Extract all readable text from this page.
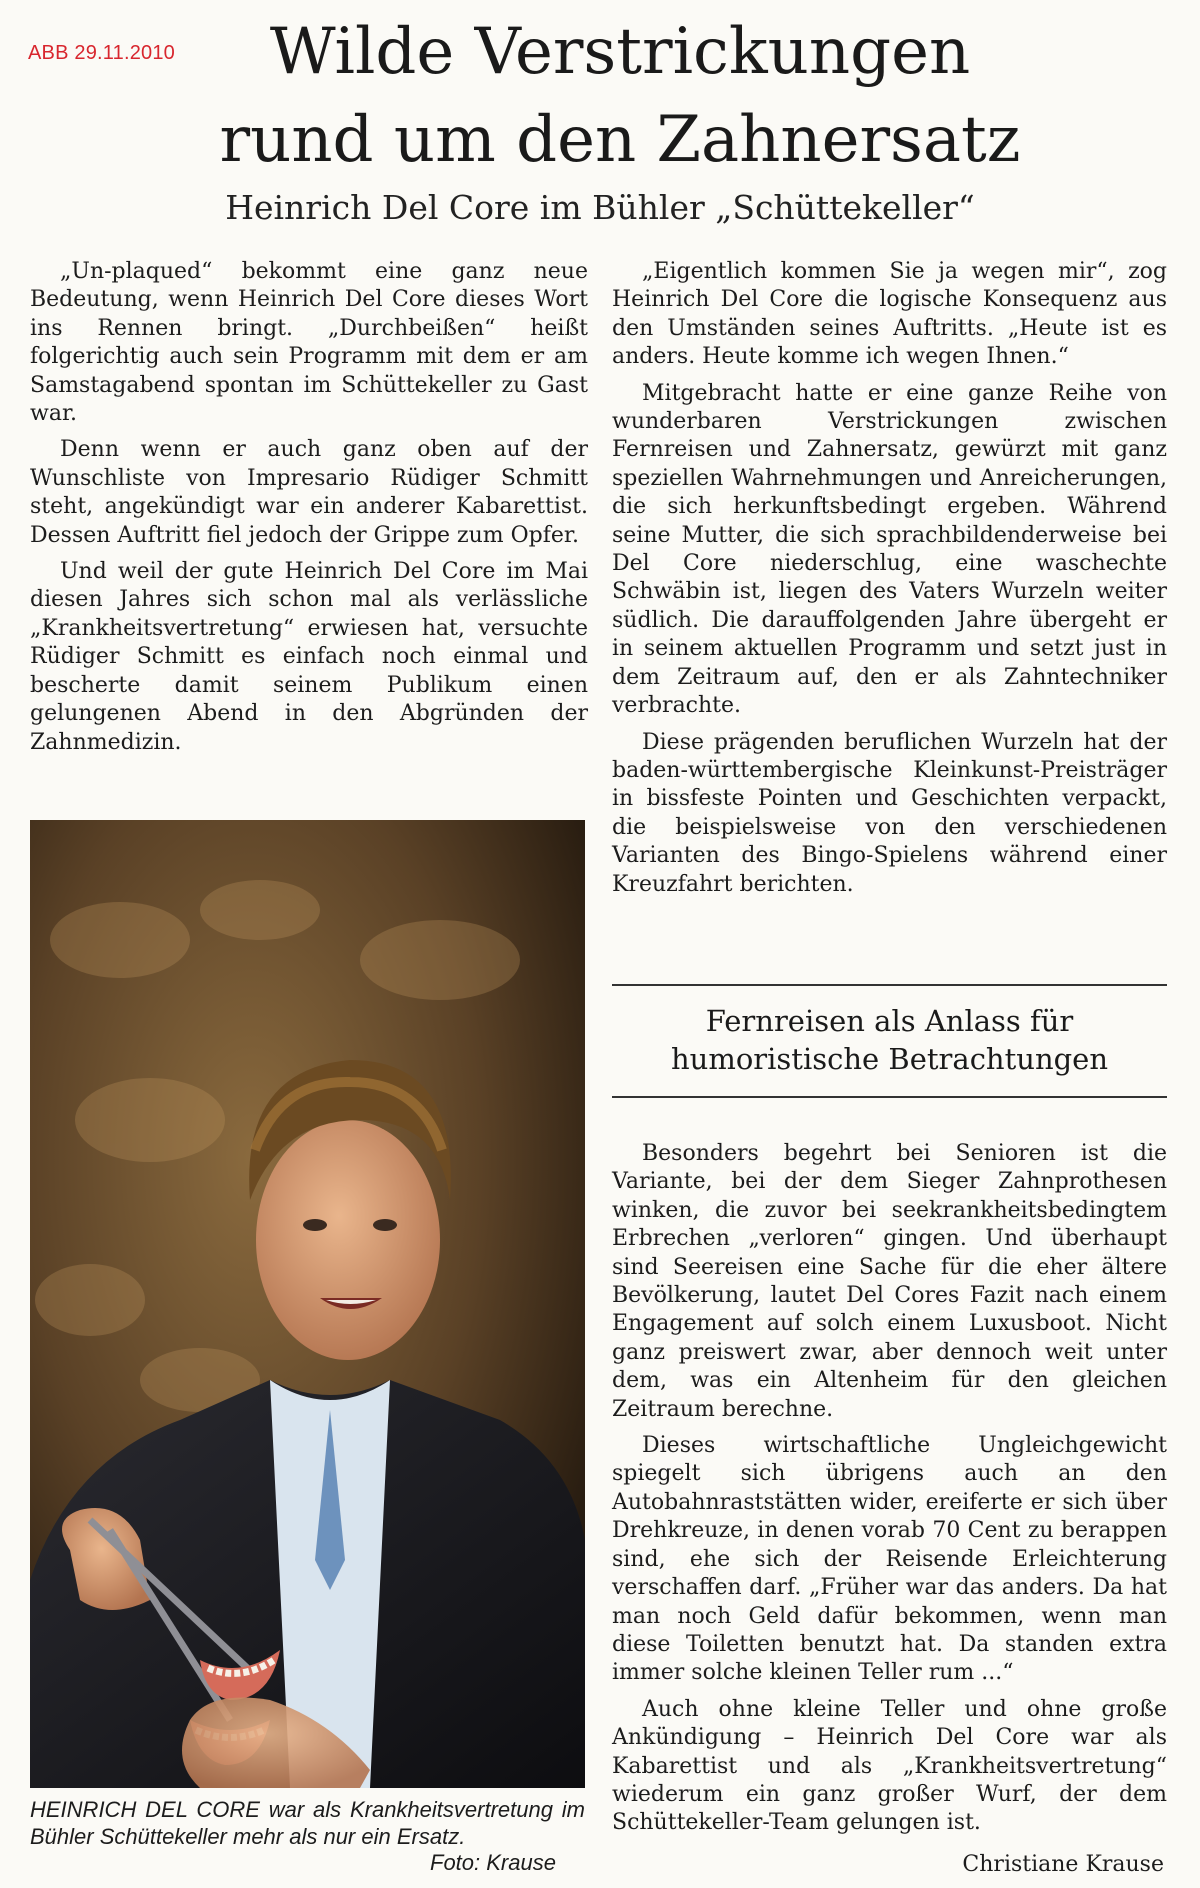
ABB 29.11.2010	Wilde Verstrickungen
rund um den Zahnersatz
Heinrich Del Core im Bühler „Schüttekeller“

„Un-plaqued“ bekommt eine ganz neue Bedeutung, wenn Heinrich Del Core dieses Wort ins Rennen bringt. „Durchbeißen“ heißt folgerichtig auch sein Programm mit dem er am Samstagabend spontan im Schüttekeller zu Gast war.

Denn wenn er auch ganz oben auf der Wunschliste von Impresario Rüdiger Schmitt steht, angekündigt war ein anderer Kabarettist. Dessen Auftritt fiel jedoch der Grippe zum Opfer.

Und weil der gute Heinrich Del Core im Mai diesen Jahres sich schon mal als verlässliche „Krankheitsvertretung“ erwiesen hat, versuchte Rüdiger Schmitt es einfach noch einmal und bescherte damit seinem Publikum einen gelungenen Abend in den Abgründen der Zahnmedizin.

„Eigentlich kommen Sie ja wegen mir“, zog Heinrich Del Core die logische Konsequenz aus den Umständen seines Auftritts. „Heute ist es anders. Heute komme ich wegen Ihnen.“

Mitgebracht hatte er eine ganze Reihe von wunderbaren Verstrickungen zwischen Fernreisen und Zahnersatz, gewürzt mit ganz speziellen Wahrnehmungen und Anreicherungen, die sich herkunftsbedingt ergeben. Während seine Mutter, die sich sprachbildenderweise bei Del Core niederschlug, eine waschechte Schwäbin ist, liegen des Vaters Wurzeln weiter südlich. Die darauffolgenden Jahre übergeht er in seinem aktuellen Programm und setzt just in dem Zeitraum auf, den er als Zahntechniker verbrachte.

Diese prägenden beruflichen Wurzeln hat der baden-württembergische Kleinkunst-Preisträger in bissfeste Pointen und Geschichten verpackt, die beispielsweise von den verschiedenen Varianten des Bingo-Spielens während einer Kreuzfahrt berichten.

Fernreisen als Anlass für
humoristische Betrachtungen

Besonders begehrt bei Senioren ist die Variante, bei der dem Sieger Zahnprothesen winken, die zuvor bei seekrankheitsbedingtem Erbrechen „verloren“ gingen. Und überhaupt sind Seereisen eine Sache für die eher ältere Bevölkerung, lautet Del Cores Fazit nach einem Engagement auf solch einem Luxusboot. Nicht ganz preiswert zwar, aber dennoch weit unter dem, was ein Altenheim für den gleichen Zeitraum berechne.

Dieses wirtschaftliche Ungleichgewicht spiegelt sich übrigens auch an den Autobahnraststätten wider, ereiferte er sich über Drehkreuze, in denen vorab 70 Cent zu berappen sind, ehe sich der Reisende Erleichterung verschaffen darf. „Früher war das anders. Da hat man noch Geld dafür bekommen, wenn man diese Toiletten benutzt hat. Da standen extra immer solche kleinen Teller rum ...“

Auch ohne kleine Teller und ohne große Ankündigung – Heinrich Del Core war als Kabarettist und als „Krankheitsvertretung“ wiederum ein ganz großer Wurf, der dem Schüttekeller-Team gelungen ist.

Christiane Krause

HEINRICH DEL CORE war als Krankheitsvertretung im Bühler Schüttekeller mehr als nur ein Ersatz.

Foto: Krause
